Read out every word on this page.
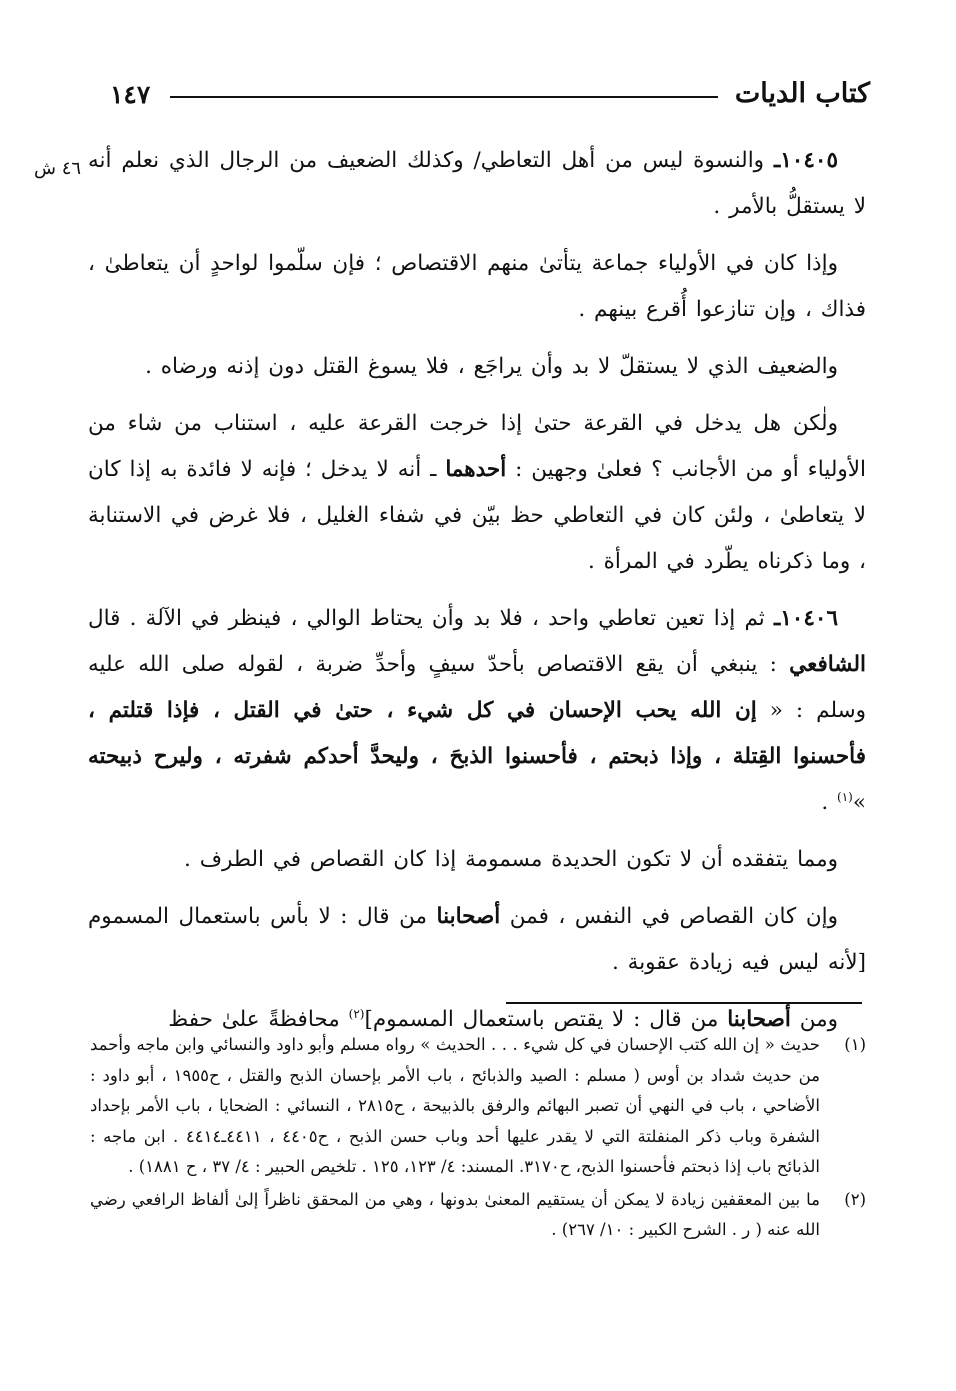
كتاب الديات
١٤٧
٤٦ ش	١٠٤٠٥ـ والنسوة ليس من أهل التعاطي/ وكذلك الضعيف من الرجال الذي نعلم أنه لا يستقلُّ بالأمر .

وإذا كان في الأولياء جماعة يتأتىٰ منهم الاقتصاص ؛ فإن سلّموا لواحدٍ أن يتعاطىٰ ، فذاك ، وإن تنازعوا أُقرع بينهم .

والضعيف الذي لا يستقلّ لا بد وأن يراجَع ، فلا يسوغ القتل دون إذنه ورضاه .

ولٰكن هل يدخل في القرعة حتىٰ إذا خرجت القرعة عليه ، استناب من شاء من الأولياء أو من الأجانب ؟ فعلىٰ وجهين : أحدهما ـ أنه لا يدخل ؛ فإنه لا فائدة به إذا كان لا يتعاطىٰ ، ولئن كان في التعاطي حظ بيّن في شفاء الغليل ، فلا غرض في الاستنابة ، وما ذكرناه يطّرد في المرأة .

١٠٤٠٦ـ ثم إذا تعين تعاطي واحد ، فلا بد وأن يحتاط الوالي ، فينظر في الآلة . قال الشافعي : ينبغي أن يقع الاقتصاص بأحدّ سيفٍ وأحدِّ ضربة ، لقوله صلى الله عليه وسلم : « إن الله يحب الإحسان في كل شيء ، حتىٰ في القتل ، فإذا قتلتم ، فأحسنوا القِتلة ، وإذا ذبحتم ، فأحسنوا الذبحَ ، وليحدَّ أحدكم شفرته ، وليرح ذبيحته »$^{(١)}$ .

ومما يتفقده أن لا تكون الحديدة مسمومة إذا كان القصاص في الطرف .

وإن كان القصاص في النفس ، فمن أصحابنا من قال : لا بأس باستعمال المسموم [لأنه ليس فيه زيادة عقوبة .

ومن أصحابنا من قال : لا يقتص باستعمال المسموم]$^{(٢)}$ محافظةً علىٰ حفظ

(١)
حديث « إن الله كتب الإحسان في كل شيء . . . الحديث » رواه مسلم وأبو داود والنسائي وابن ماجه وأحمد من حديث شداد بن أوس ( مسلم : الصيد والذبائح ، باب الأمر بإحسان الذبح والقتل ، ح١٩٥٥ ، أبو داود : الأضاحي ، باب في النهي أن تصبر البهائم والرفق بالذبيحة ، ح٢٨١٥ ، النسائي : الضحايا ، باب الأمر بإحداد الشفرة وباب ذكر المنفلتة التي لا يقدر عليها أحد وباب حسن الذبح ، ح٤٤٠٥ ، ٤٤١١ـ٤٤١٤ . ابن ماجه : الذبائح باب إذا ذبحتم فأحسنوا الذبح، ح٣١٧٠. المسند: ٤/ ١٢٣، ١٢٥ . تلخيص الحبير : ٤/ ٣٧ ، ح ١٨٨١) .
(٢)
ما بين المعقفين زيادة لا يمكن أن يستقيم المعنىٰ بدونها ، وهي من المحقق ناظراً إلىٰ ألفاظ الرافعي رضي الله عنه ( ر . الشرح الكبير : ١٠/ ٢٦٧) .
